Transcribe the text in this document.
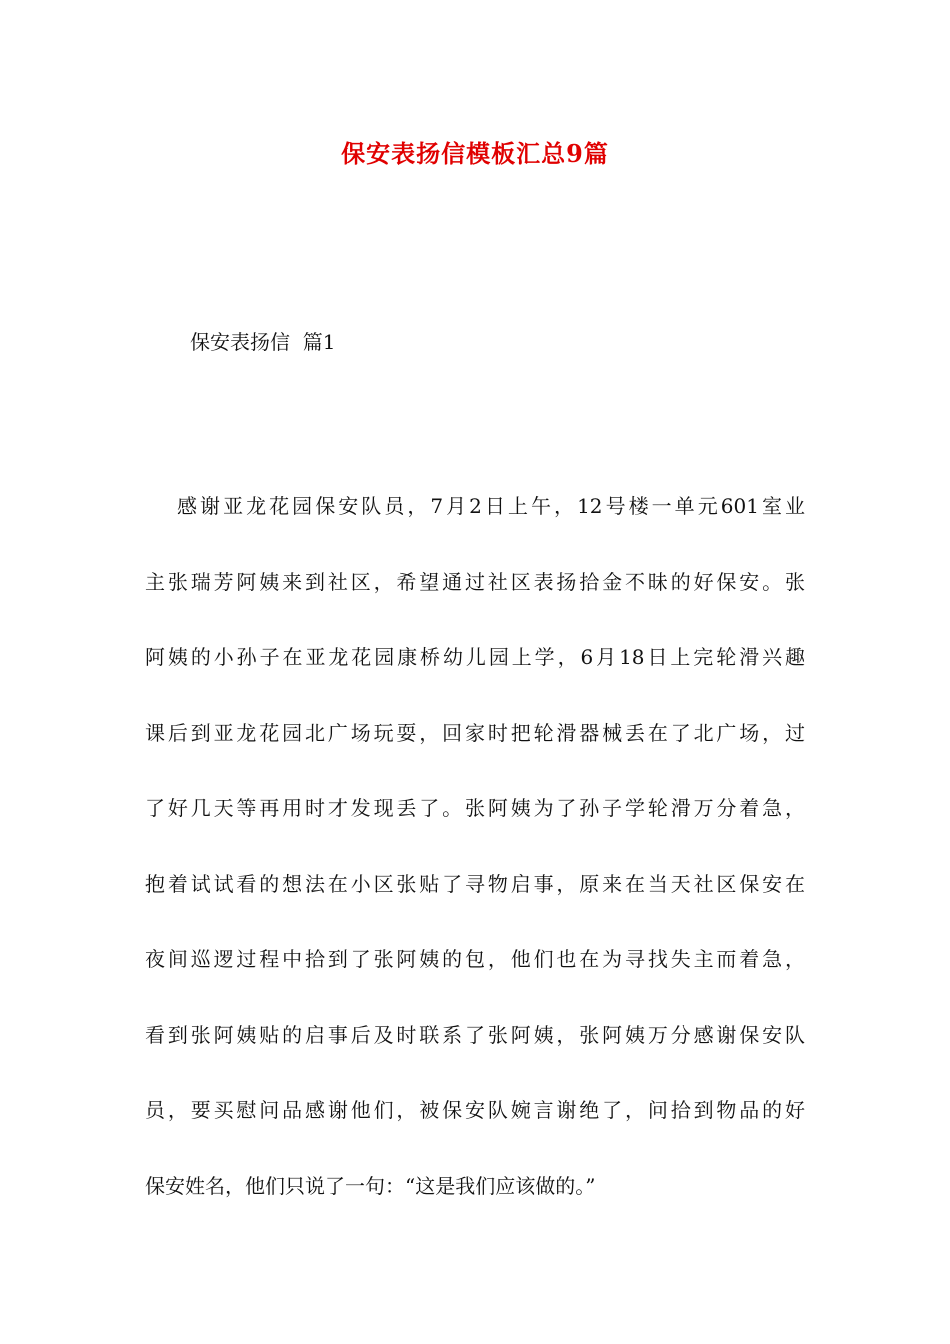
保安表扬信模板汇总9篇
保安表扬信  篇1
感谢亚龙花园保安队员，7月2日上午，12号楼一单元601室业
主张瑞芳阿姨来到社区，希望通过社区表扬拾金不昧的好保安。张
阿姨的小孙子在亚龙花园康桥幼儿园上学，6月18日上完轮滑兴趣
课后到亚龙花园北广场玩耍，回家时把轮滑器械丢在了北广场，过
了好几天等再用时才发现丢了。张阿姨为了孙子学轮滑万分着急，
抱着试试看的想法在小区张贴了寻物启事，原来在当天社区保安在
夜间巡逻过程中拾到了张阿姨的包，他们也在为寻找失主而着急，
看到张阿姨贴的启事后及时联系了张阿姨，张阿姨万分感谢保安队
员，要买慰问品感谢他们，被保安队婉言谢绝了，问拾到物品的好
保安姓名，他们只说了一句：“这是我们应该做的。”
